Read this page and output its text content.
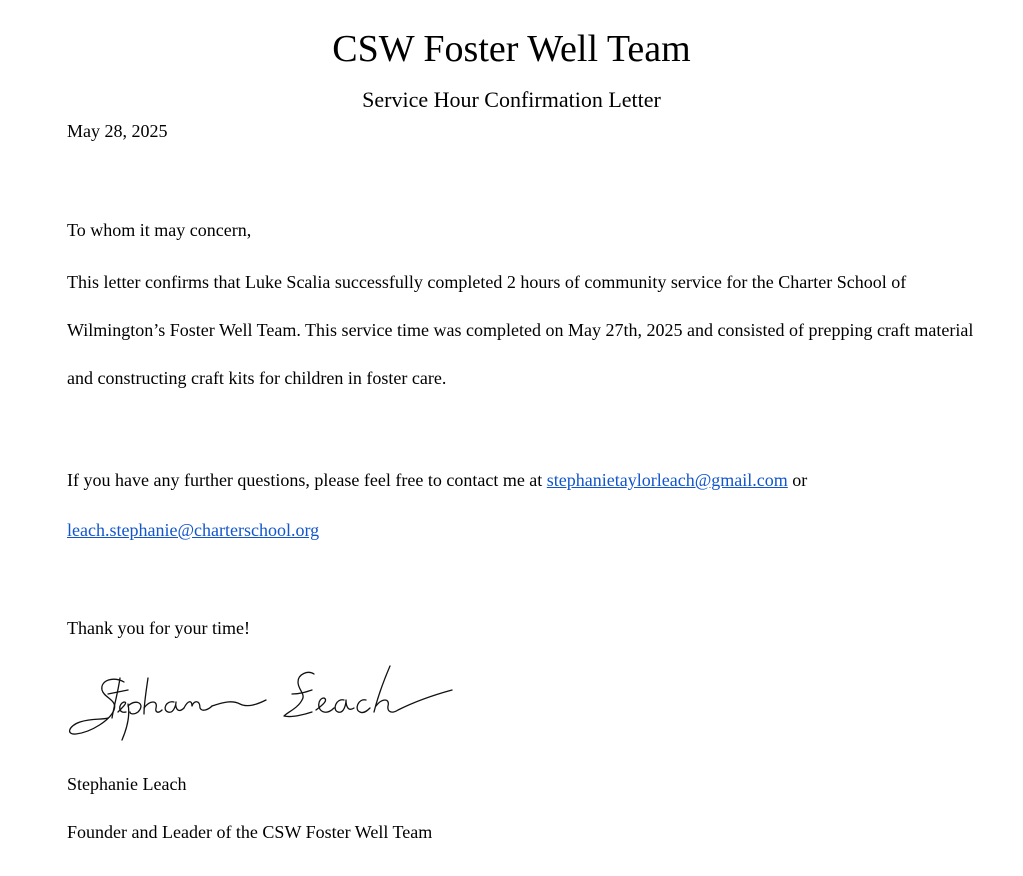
CSW Foster Well Team
Service Hour Confirmation Letter
May 28, 2025
To whom it may concern,

This letter confirms that Luke Scalia successfully completed 2 hours of community service for the Charter School of Wilmington’s Foster Well Team. This service time was completed on May 27th, 2025 and consisted of prepping craft material and constructing craft kits for children in foster care.

If you have any further questions, please feel free to contact me at stephanietaylorleach@gmail.com or leach.stephanie@charterschool.org

Thank you for your time!
Stephanie Leach
Founder and Leader of the CSW Foster Well Team
